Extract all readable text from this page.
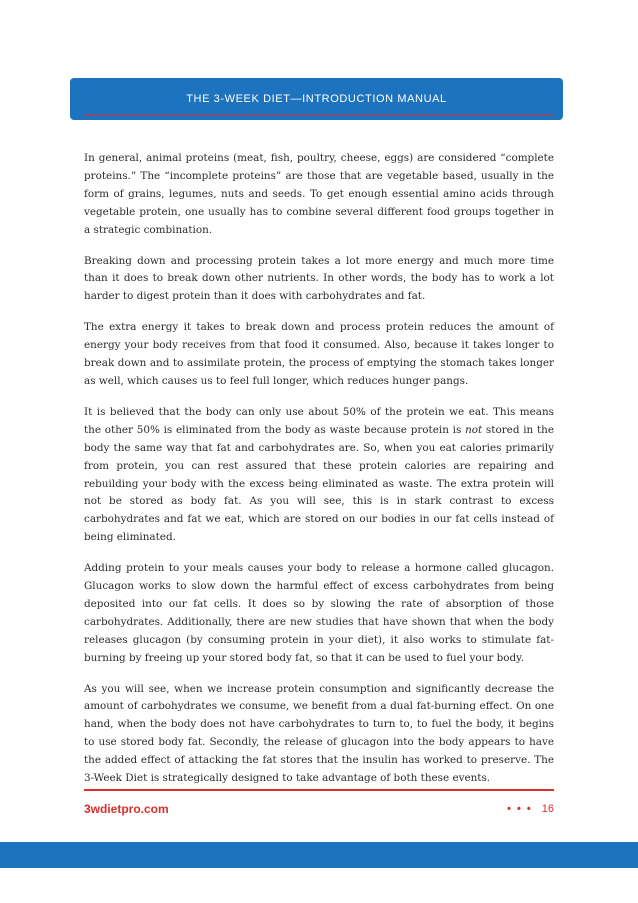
THE 3-WEEK DIET—INTRODUCTION MANUAL

In general, animal proteins (meat, fish, poultry, cheese, eggs) are considered “complete proteins.” The “incomplete proteins” are those that are vegetable based, usually in the form of grains, legumes, nuts and seeds. To get enough essential amino acids through vegetable protein, one usually has to combine several different food groups together in a strategic combination.

Breaking down and processing protein takes a lot more energy and much more time than it does to break down other nutrients. In other words, the body has to work a lot harder to digest protein than it does with carbohydrates and fat.

The extra energy it takes to break down and process protein reduces the amount of energy your body receives from that food it consumed. Also, because it takes longer to break down and to assimilate protein, the process of emptying the stomach takes longer as well, which causes us to feel full longer, which reduces hunger pangs.

It is believed that the body can only use about 50% of the protein we eat. This means the other 50% is eliminated from the body as waste because protein is not stored in the body the same way that fat and carbohydrates are. So, when you eat calories primarily from protein, you can rest assured that these protein calories are repairing and rebuilding your body with the excess being eliminated as waste. The extra protein will not be stored as body fat. As you will see, this is in stark contrast to excess carbohydrates and fat we eat, which are stored on our bodies in our fat cells instead of being eliminated.

Adding protein to your meals causes your body to release a hormone called glucagon. Glucagon works to slow down the harmful effect of excess carbohydrates from being deposited into our fat cells. It does so by slowing the rate of absorption of those carbohydrates. Additionally, there are new studies that have shown that when the body releases glucagon (by consuming protein in your diet), it also works to stimulate fat-burning by freeing up your stored body fat, so that it can be used to fuel your body.

As you will see, when we increase protein consumption and significantly decrease the amount of carbohydrates we consume, we benefit from a dual fat-burning effect. On one hand, when the body does not have carbohydrates to turn to, to fuel the body, it begins to use stored body fat. Secondly, the release of glucagon into the body appears to have the added effect of attacking the fat stores that the insulin has worked to preserve. The 3-Week Diet is strategically designed to take advantage of both these events.

3wdietpro.com	••• 16
